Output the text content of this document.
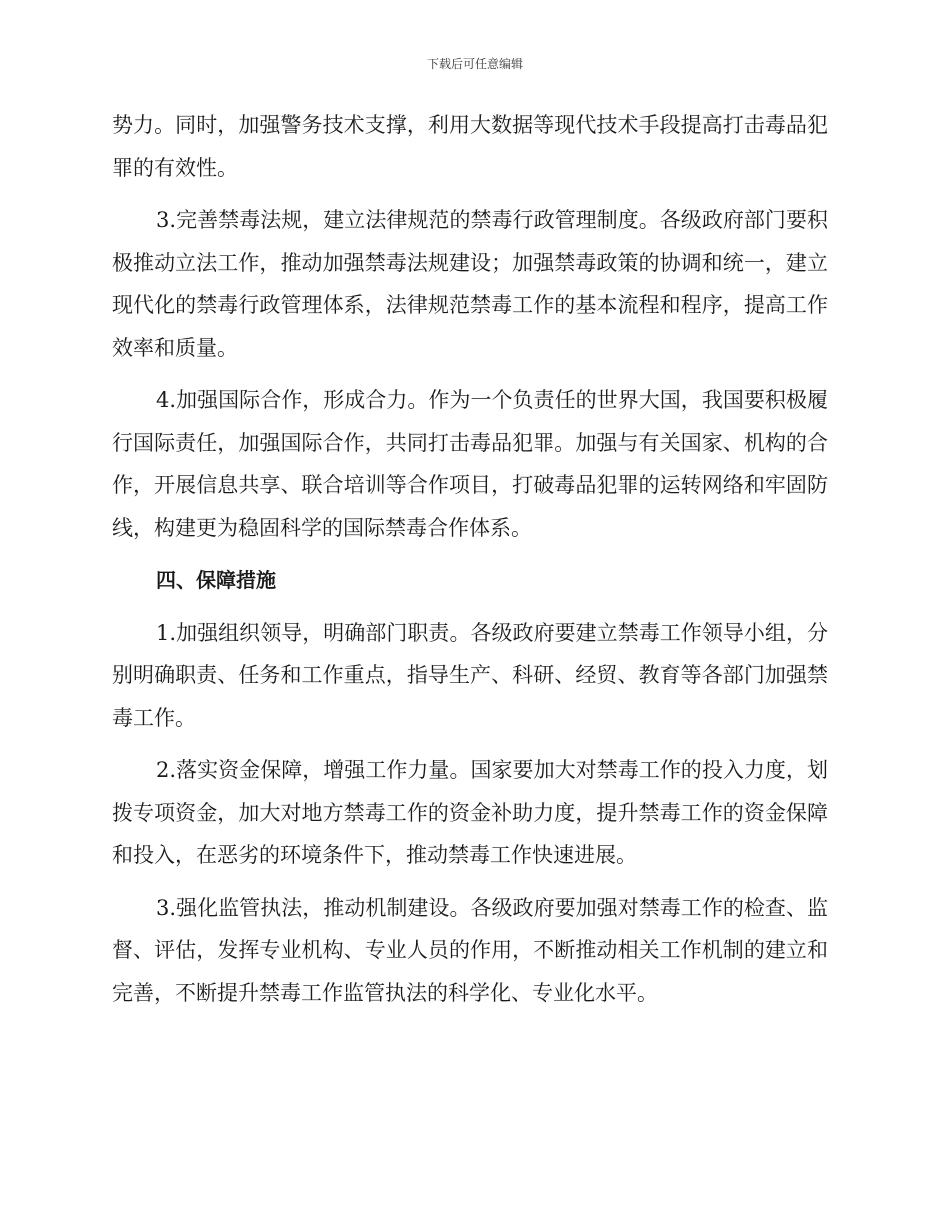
下载后可任意编辑

势力。同时，加强警务技术支撑，利用大数据等现代技术手段提高打击毒品犯罪的有效性。

3.完善禁毒法规，建立法律规范的禁毒行政管理制度。各级政府部门要积极推动立法工作，推动加强禁毒法规建设；加强禁毒政策的协调和统一，建立现代化的禁毒行政管理体系，法律规范禁毒工作的基本流程和程序，提高工作效率和质量。

4.加强国际合作，形成合力。作为一个负责任的世界大国，我国要积极履行国际责任，加强国际合作，共同打击毒品犯罪。加强与有关国家、机构的合作，开展信息共享、联合培训等合作项目，打破毒品犯罪的运转网络和牢固防线，构建更为稳固科学的国际禁毒合作体系。

四、保障措施

1.加强组织领导，明确部门职责。各级政府要建立禁毒工作领导小组，分别明确职责、任务和工作重点，指导生产、科研、经贸、教育等各部门加强禁毒工作。

2.落实资金保障，增强工作力量。国家要加大对禁毒工作的投入力度，划拨专项资金，加大对地方禁毒工作的资金补助力度，提升禁毒工作的资金保障和投入，在恶劣的环境条件下，推动禁毒工作快速进展。

3.强化监管执法，推动机制建设。各级政府要加强对禁毒工作的检查、监督、评估，发挥专业机构、专业人员的作用，不断推动相关工作机制的建立和完善，不断提升禁毒工作监管执法的科学化、专业化水平。
